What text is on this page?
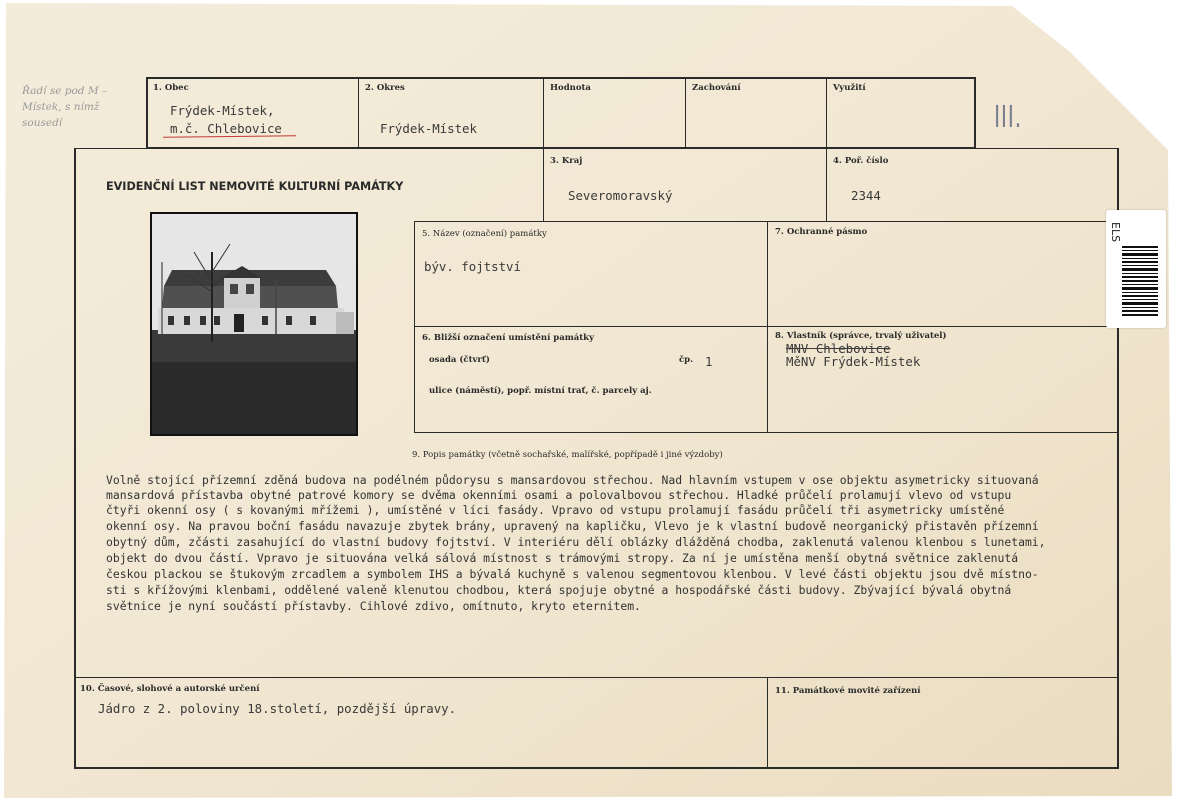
Řadí se pod M –
Místek, s nímž
sousedí	III.
1. Obec
Frýdek-Místek,
m.č. Chlebovice
2. Okres
Frýdek-Místek
Hodnota	Zachování	Využití
EVIDENČNÍ LIST NEMOVITÉ KULTURNÍ PAMÁTKY
3. Kraj
Severomoravský
4. Poř. číslo
2344
5. Název (označení) památky
býv. fojtství
7. Ochranné pásmo
6. Bližší označení umístění památky
osada (čtvrť)	čp. 1
ulice (náměstí), popř. místní trať, č. parcely aj.
8. Vlastník (správce, trvalý uživatel)
MNV Chlebovice
MěNV Frýdek-Místek
ELS
9. Popis památky (včetně sochařské, malířské, popřípadě i jiné výzdoby)
Volně stojící přízemní zděná budova na podélném půdorysu s mansardovou střechou. Nad hlavním vstupem v ose objektu asymetricky situovaná
mansardová přístavba obytné patrové komory se dvěma okenními osami a polovalbovou střechou. Hladké průčelí prolamují vlevo od vstupu
čtyři okenní osy ( s kovanými mřížemi ), umístěné v líci fasády. Vpravo od vstupu prolamují fasádu průčelí tři asymetricky umístěné
okenní osy. Na pravou boční fasádu navazuje zbytek brány, upravený na kapličku, Vlevo je k vlastní budově neorganický přistavěn přízemní
obytný dům, zčásti zasahující do vlastní budovy fojtství. V interiéru dělí oblázky dlážděná chodba, zaklenutá valenou klenbou s lunetami,
objekt do dvou částí. Vpravo je situována velká sálová místnost s trámovými stropy. Za ní je umístěna menší obytná světnice zaklenutá
českou plackou se štukovým zrcadlem a symbolem IHS a bývalá kuchyně s valenou segmentovou klenbou. V levé části objektu jsou dvě místno-
sti s křížovými klenbami, oddělené valeně klenutou chodbou, která spojuje obytné a hospodářské části budovy. Zbývající bývalá obytná
světnice je nyní součástí přístavby. Cihlové zdivo, omítnuto, kryto eternitem.
10. Časové, slohové a autorské určení
Jádro z 2. poloviny 18.století, pozdější úpravy.
11. Památkové movité zařízení
